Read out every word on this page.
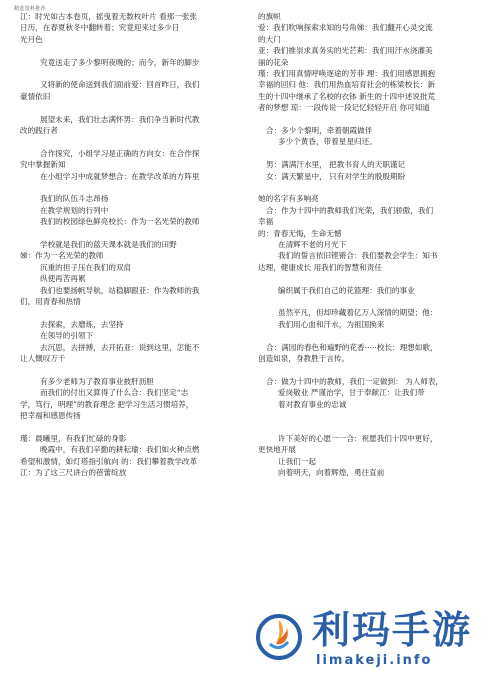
精选资料推荐
江：时光如古本卷页，摇曳着无数枚叶片 看那一张张
日历，在春夏秋冬中翻转着；究竟迎来过多少日
光月色
究竟送走了多少黎明夜晚的；而今，新年的脚步
又将新的使命送到我们面前爱：回首昨日，我们
豪情依旧
展望未来，我们壮志满怀男：我们争当新时代教
改的践行者
合作探究，小组学习是正确的方向女：在合作探
究中掌握新知
在小组学习中成就梦想合：在教学改革的方阵里
我们的队伍斗志昂扬
在教学规划的行列中
我们的校园绿色鲜亮校长：作为一名光荣的教师
学校就是我们的蓝天课本就是我们的田野
娣：作为一名光荣的教师
沉重的担子压在我们的双肩
纵使再苦再累
我们也要扬帆导航，站稳脚跟亚：作为教师的我
们，用青春和热情
去探索，去磨炼，去坚持
在领导的引领下
去沉思，去拼搏，去开拓亚：说到这里，怎能不
让人慨叹万千
有多少老师为了教育事业披肝沥胆
而我们的付出又算得了什么合：我们坚定“志
学，笃行，明理”的教育理念 把学习生活习惯培养，
把幸福和感恩传扬
瑾：晨曦里，有我们忙碌的身影
晚霞中，有我们辛勤的耕耘瑜：我们如火种点燃
希望和激情，如灯塔指引航向 的：我们攀着教学改革
江：为了这三尺讲台的蓓蕾绽放
的旗帜
爱：我们吹响探索求知的号角娣：我们翻开心灵交流
的大门
亚：我们推崇求真务实的光芒莉：我们用汗水浇灌美
丽的花朵
瑾：我们用真情呼唤逐途的芳菲 理：我们用感恩拥抱
幸福的回归 他：我们用热血培育社会的栋梁校长：新
生的十四中继承了名校的衣钵 新生的十四中述说批荒
者的梦想 琼：一段传说一段记忆轻轻开启 你可知道
合：多少个黎明，牵着朝霞做伴
多少个黄昏，带着星星归还。
男：满满汗水里， 把教书育人的天职谨记
女：满天繁星中， 只有对学生的殷殷期盼
她的名字有多响亮
合：作为十四中的教师我们光荣，我们骄傲，我们
幸福
的：青春无悔，生命无憾
在清辉不老的月光下
我们的誓言依旧铿锵合：我们要教会学生：知书
达理，健康成长 用我们的智慧和责任
编织属于我们自己的花篮理：我们的事业
虽然平凡，但却珍藏着亿万人深情的期望；他：
我们用心血和汗水，为祖国换来
合：满园的春色和遍野的花香·····校长：理想如歌，
创造如泉，身教胜于言传。
合：做为十四中的教师，我们一定做到： 为人师表，
爱岗敬业 严谨治学，甘于奉献江：让我们带
着对教育事业的忠诚
许下美好的心愿一一合：祝愿我们十四中更好，
更快地开展
让我们一起
向着明天，向着辉煌，勇往直前
利玛手游
limakeji.info
